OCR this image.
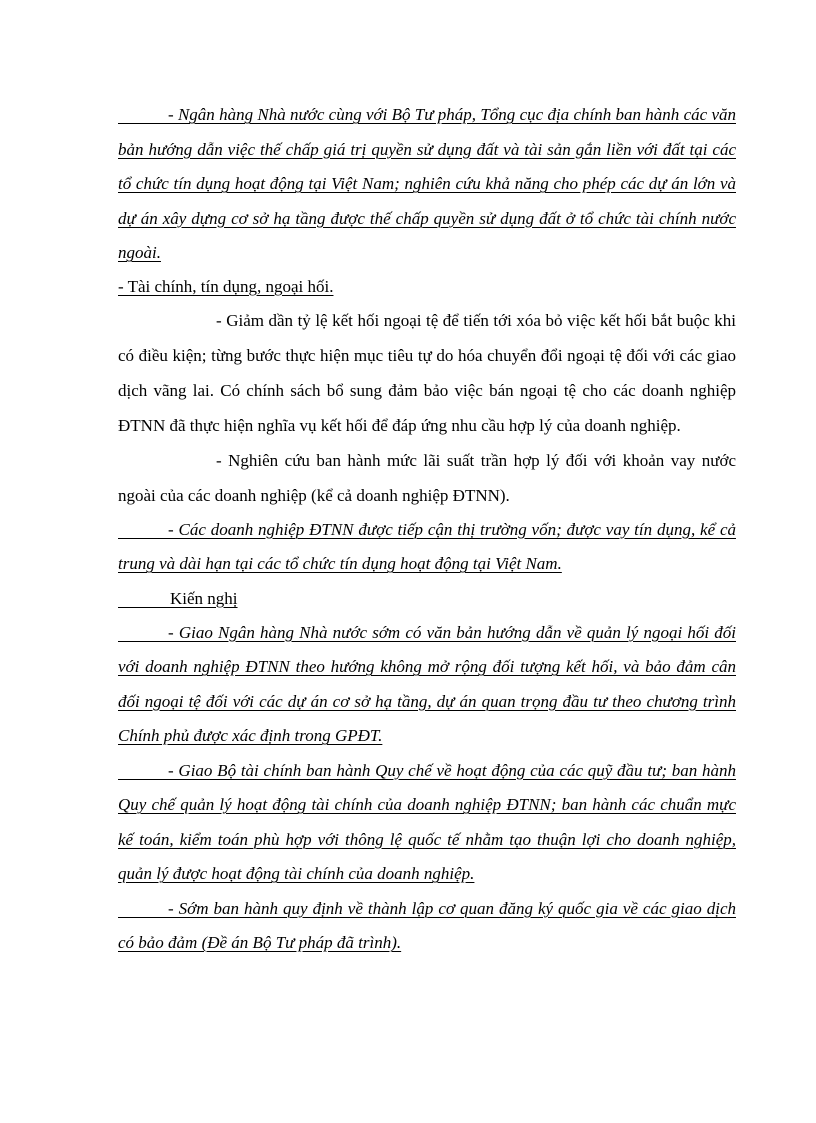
- Ngân hàng Nhà nước cùng với Bộ Tư pháp, Tổng cục địa chính ban hành các văn bản hướng dẫn việc thế chấp giá trị quyền sử dụng đất và tài sản gắn liền với đất tại các tổ chức tín dụng hoạt động tại Việt Nam; nghiên cứu khả năng cho phép các dự án lớn và dự án xây dựng cơ sở hạ tầng được thế chấp quyền sử dụng đất ở tổ chức tài chính nước ngoài.

- Tài chính, tín dụng, ngoại hối.

- Giảm dần tỷ lệ kết hối ngoại tệ để tiến tới xóa bỏ việc kết hối bắt buộc khi có điều kiện; từng bước thực hiện mục tiêu tự do hóa chuyển đổi ngoại tệ đối với các giao dịch vãng lai. Có chính sách bổ sung đảm bảo việc bán ngoại tệ cho các doanh nghiệp ĐTNN đã thực hiện nghĩa vụ kết hối để đáp ứng nhu cầu hợp lý của doanh nghiệp.

- Nghiên cứu ban hành mức lãi suất trần hợp lý đối với khoản vay nước ngoài của các doanh nghiệp (kể cả doanh nghiệp ĐTNN).

- Các doanh nghiệp ĐTNN được tiếp cận thị trường vốn; được vay tín dụng, kể cả trung và dài hạn tại các tổ chức tín dụng hoạt động tại Việt Nam.

Kiến nghị

- Giao Ngân hàng Nhà nước sớm có văn bản hướng dẫn về quản lý ngoại hối đối với doanh nghiệp ĐTNN theo hướng không mở rộng đối tượng kết hối, và bảo đảm cân đối ngoại tệ đối với các dự án cơ sở hạ tầng, dự án quan trọng đầu tư theo chương trình Chính phủ được xác định trong GPĐT.

- Giao Bộ tài chính ban hành Quy chế về hoạt động của các quỹ đầu tư; ban hành Quy chế quản lý hoạt động tài chính của doanh nghiệp ĐTNN; ban hành các chuẩn mực kế toán, kiểm toán phù hợp với thông lệ quốc tế nhằm tạo thuận lợi cho doanh nghiệp, quản lý được hoạt động tài chính của doanh nghiệp.

- Sớm ban hành quy định về thành lập cơ quan đăng ký quốc gia về các giao dịch có bảo đảm (Đề án Bộ Tư pháp đã trình).
